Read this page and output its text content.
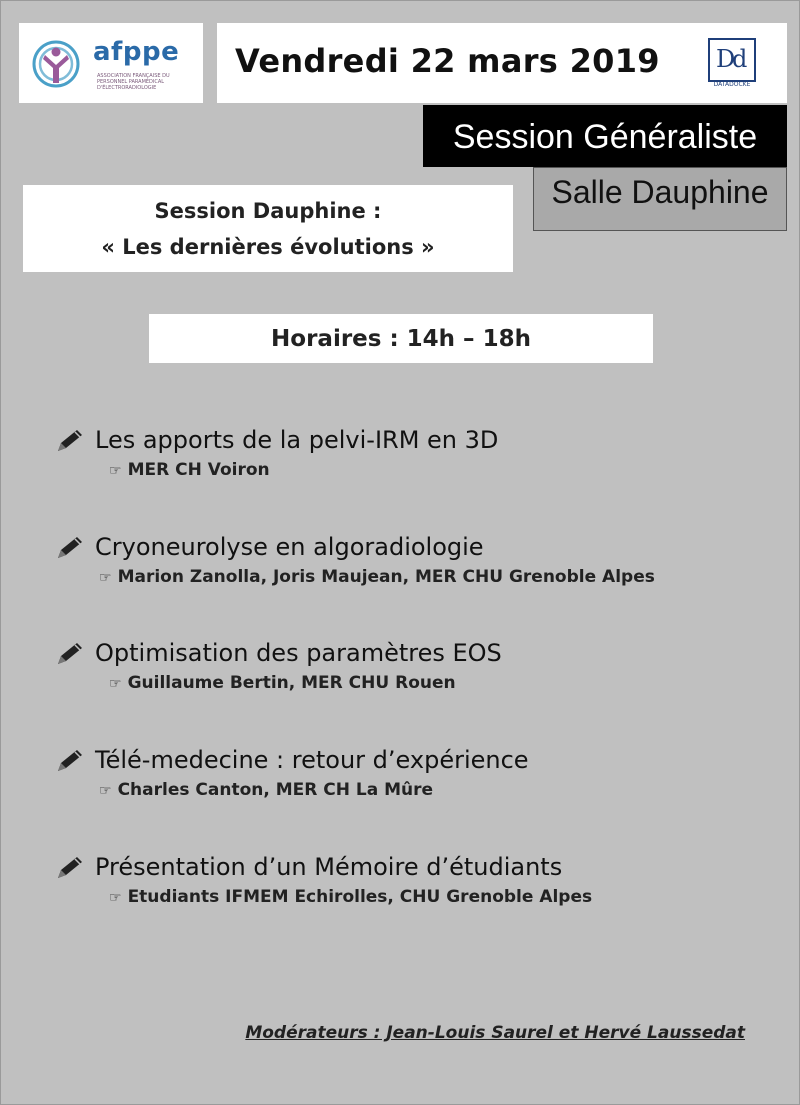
afppe
ASSOCIATION FRANÇAISE DU PERSONNEL PARAMÉDICAL D'ÉLECTRORADIOLOGIE
Vendredi 22 mars 2019 D
d
DATADOCKÉ
Session Généraliste
Salle Dauphine
Session Dauphine :
« Les dernières évolutions »
Horaires : 14h – 18h
Les apports de la pelvi-IRM en 3D
☞ MER CH Voiron
Cryoneurolyse en algoradiologie
☞ Marion Zanolla, Joris Maujean, MER CHU Grenoble Alpes
Optimisation des paramètres EOS
☞ Guillaume Bertin, MER CHU Rouen
Télé-medecine : retour d’expérience
☞ Charles Canton, MER CH La Mûre
Présentation d’un Mémoire d’étudiants
☞ Etudiants IFMEM Echirolles, CHU Grenoble Alpes
Modérateurs : Jean-Louis Saurel et Hervé Laussedat
